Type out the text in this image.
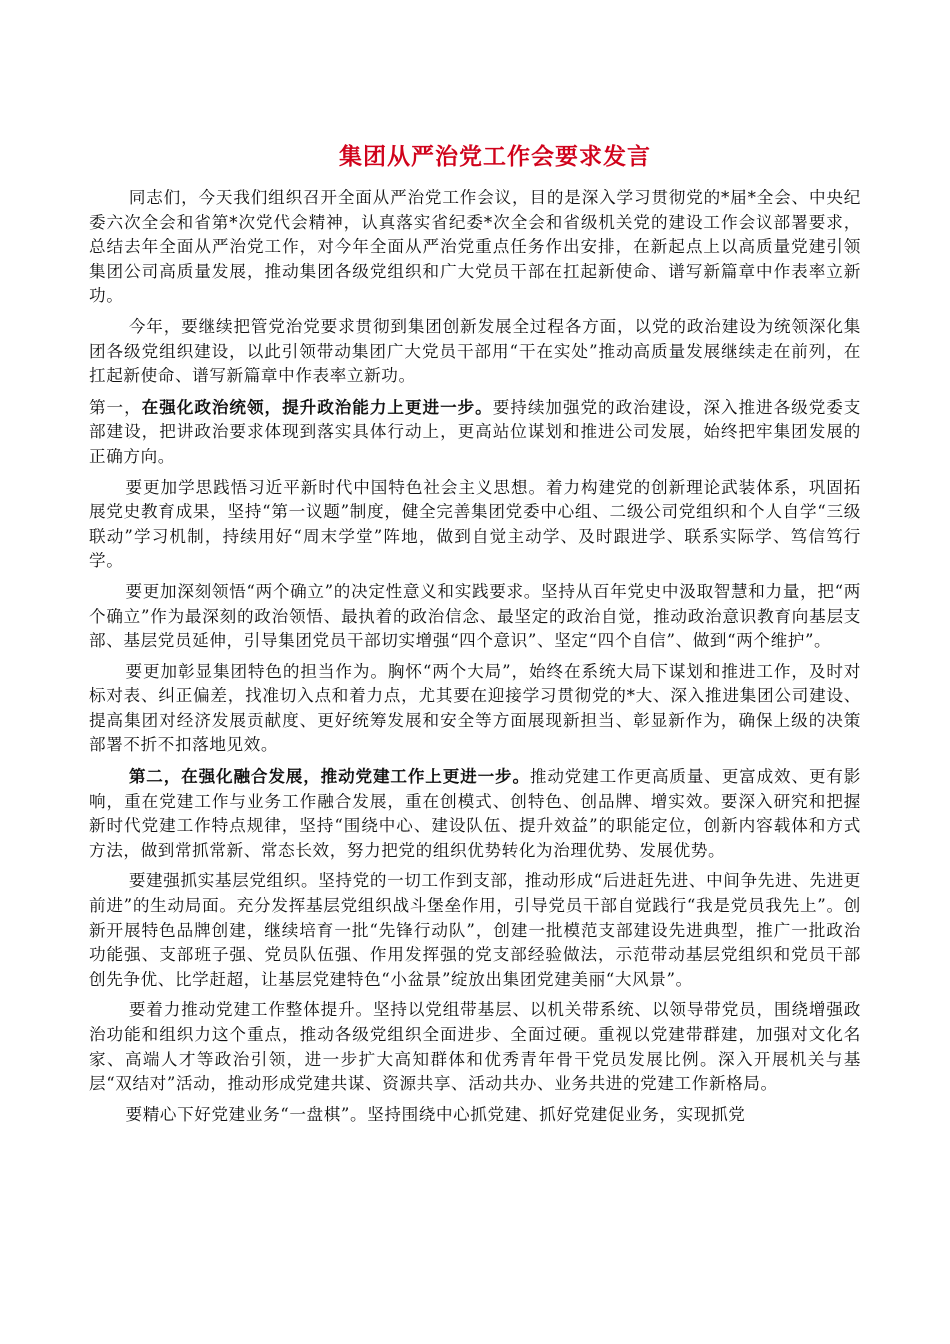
集团从严治党工作会要求发言

同志们，今天我们组织召开全面从严治党工作会议，目的是深入学习贯彻党的*届*全会、中央纪委六次全会和省第*次党代会精神，认真落实省纪委*次全会和省级机关党的建设工作会议部署要求，总结去年全面从严治党工作，对今年全面从严治党重点任务作出安排，在新起点上以高质量党建引领集团公司高质量发展，推动集团各级党组织和广大党员干部在扛起新使命、谱写新篇章中作表率立新功。

今年，要继续把管党治党要求贯彻到集团创新发展全过程各方面，以党的政治建设为统领深化集团各级党组织建设，以此引领带动集团广大党员干部用“干在实处”推动高质量发展继续走在前列，在扛起新使命、谱写新篇章中作表率立新功。

第一，在强化政治统领，提升政治能力上更进一步。要持续加强党的政治建设，深入推进各级党委支部建设，把讲政治要求体现到落实具体行动上，更高站位谋划和推进公司发展，始终把牢集团发展的正确方向。

要更加学思践悟习近平新时代中国特色社会主义思想。着力构建党的创新理论武装体系，巩固拓展党史教育成果，坚持“第一议题”制度，健全完善集团党委中心组、二级公司党组织和个人自学“三级联动”学习机制，持续用好“周末学堂”阵地，做到自觉主动学、及时跟进学、联系实际学、笃信笃行学。

要更加深刻领悟“两个确立”的决定性意义和实践要求。坚持从百年党史中汲取智慧和力量，把“两个确立”作为最深刻的政治领悟、最执着的政治信念、最坚定的政治自觉，推动政治意识教育向基层支部、基层党员延伸，引导集团党员干部切实增强“四个意识”、坚定“四个自信”、做到“两个维护”。

要更加彰显集团特色的担当作为。胸怀“两个大局”，始终在系统大局下谋划和推进工作，及时对标对表、纠正偏差，找准切入点和着力点，尤其要在迎接学习贯彻党的*大、深入推进集团公司建设、提高集团对经济发展贡献度、更好统筹发展和安全等方面展现新担当、彰显新作为，确保上级的决策部署不折不扣落地见效。

第二，在强化融合发展，推动党建工作上更进一步。推动党建工作更高质量、更富成效、更有影响，重在党建工作与业务工作融合发展，重在创模式、创特色、创品牌、增实效。要深入研究和把握新时代党建工作特点规律，坚持“围绕中心、建设队伍、提升效益”的职能定位，创新内容载体和方式方法，做到常抓常新、常态长效，努力把党的组织优势转化为治理优势、发展优势。

要建强抓实基层党组织。坚持党的一切工作到支部，推动形成“后进赶先进、中间争先进、先进更前进”的生动局面。充分发挥基层党组织战斗堡垒作用，引导党员干部自觉践行“我是党员我先上”。创新开展特色品牌创建，继续培育一批“先锋行动队”，创建一批模范支部建设先进典型，推广一批政治功能强、支部班子强、党员队伍强、作用发挥强的党支部经验做法，示范带动基层党组织和党员干部创先争优、比学赶超，让基层党建特色“小盆景”绽放出集团党建美丽“大风景”。

要着力推动党建工作整体提升。坚持以党组带基层、以机关带系统、以领导带党员，围绕增强政治功能和组织力这个重点，推动各级党组织全面进步、全面过硬。重视以党建带群建，加强对文化名家、高端人才等政治引领，进一步扩大高知群体和优秀青年骨干党员发展比例。深入开展机关与基层“双结对”活动，推动形成党建共谋、资源共享、活动共办、业务共进的党建工作新格局。

要精心下好党建业务“一盘棋”。坚持围绕中心抓党建、抓好党建促业务，实现抓党
